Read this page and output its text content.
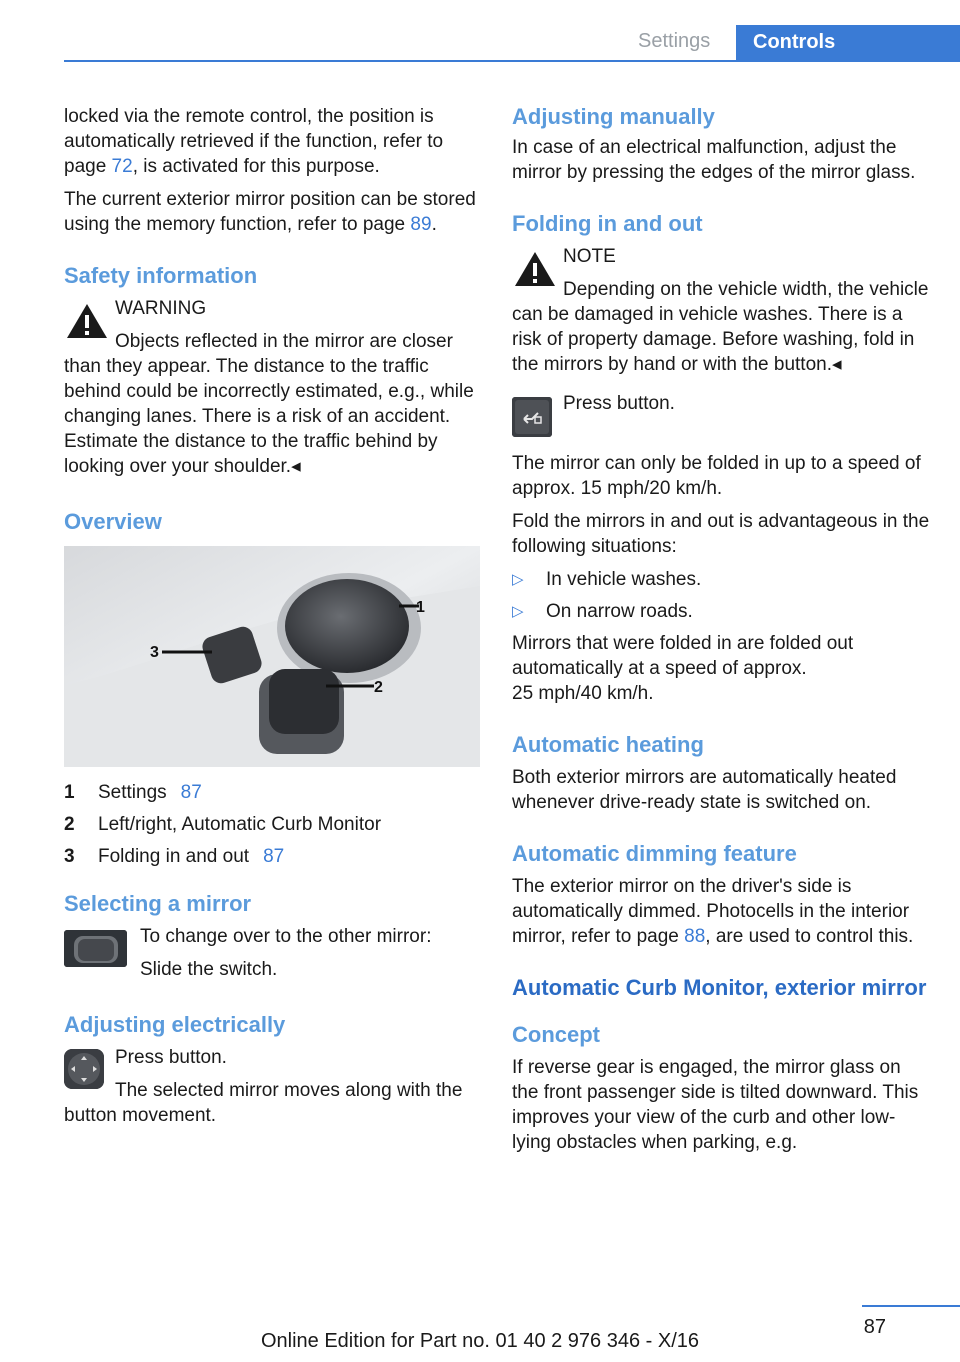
Settings	Controls

locked via the remote control, the position is automatically retrieved if the function, refer to page 72, is activated for this purpose.

The current exterior mirror position can be stored using the memory function, refer to page 89.

Safety information
WARNING

Objects reflected in the mirror are closer than they appear. The distance to the traffic behind could be incorrectly estimated, e.g., while changing lanes. There is a risk of an accident. Estimate the distance to the traffic behind by looking over your shoulder.◂

Overview
1
2
3
1	Settings 87
2	Left/right, Automatic Curb Monitor
3	Folding in and out 87
Selecting a mirror

To change over to the other mirror:

Slide the switch.

Adjusting electrically

Press button.

The selected mirror moves along with the button movement.

Adjusting manually

In case of an electrical malfunction, adjust the mirror by pressing the edges of the mirror glass.

Folding in and out
NOTE

Depending on the vehicle width, the vehicle can be damaged in vehicle washes. There is a risk of property damage. Before washing, fold in the mirrors by hand or with the button.◂

Press button.

The mirror can only be folded in up to a speed of approx. 15 mph/20 km/h.

Fold the mirrors in and out is advantageous in the following situations:

▷	In vehicle washes.
▷	On narrow roads.

Mirrors that were folded in are folded out automatically at a speed of approx.
25 mph/40 km/h.

Automatic heating

Both exterior mirrors are automatically heated whenever drive-ready state is switched on.

Automatic dimming feature

The exterior mirror on the driver's side is automatically dimmed. Photocells in the interior mirror, refer to page 88, are used to control this.

Automatic Curb Monitor, exterior mirror
Concept

If reverse gear is engaged, the mirror glass on the front passenger side is tilted downward. This improves your view of the curb and other low-lying obstacles when parking, e.g.

87
Online Edition for Part no. 01 40 2 976 346 - X/16
